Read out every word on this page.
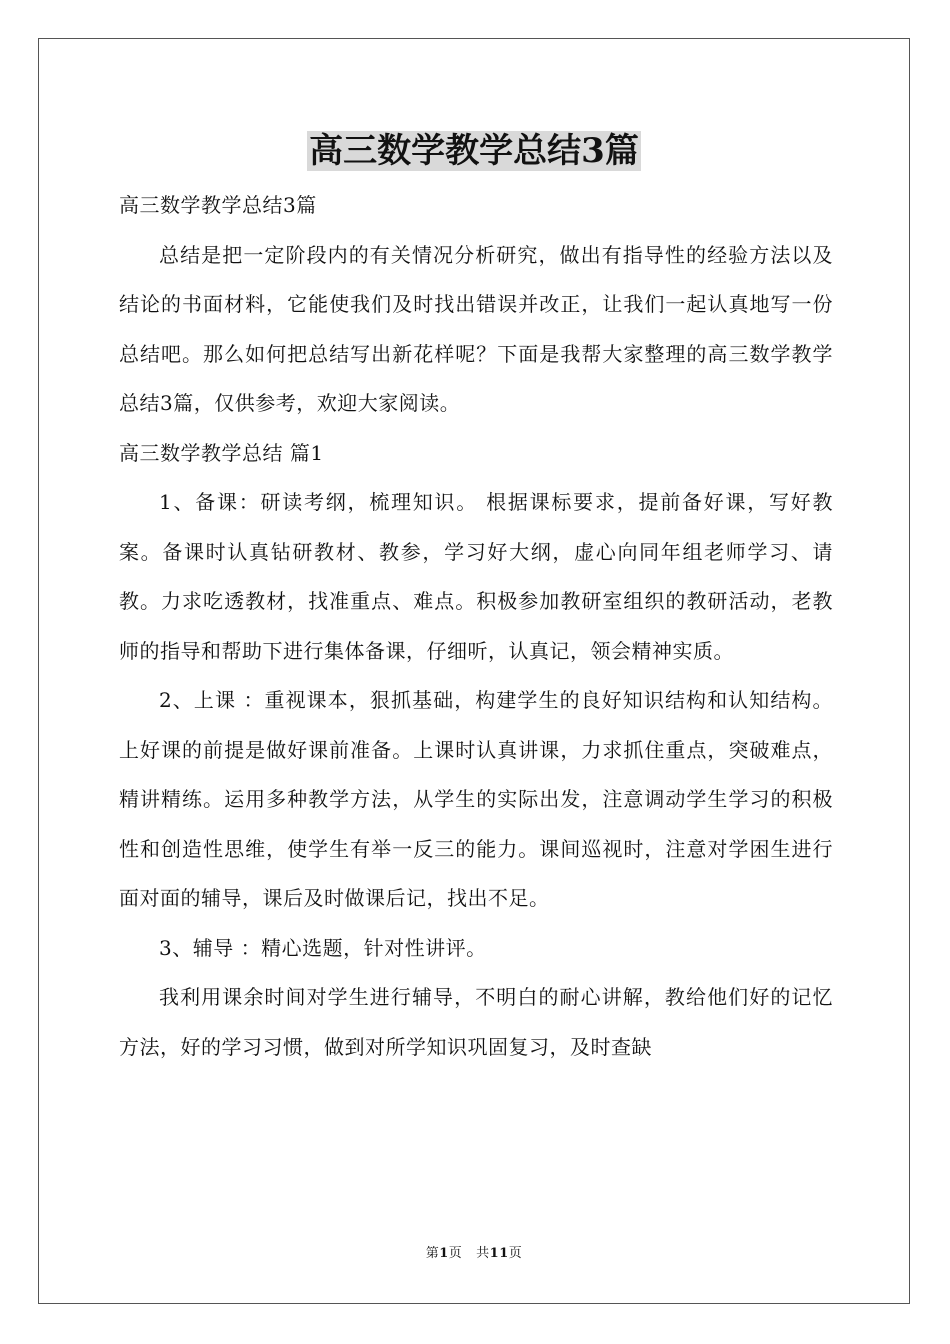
高三数学教学总结3篇

高三数学教学总结3篇

总结是把一定阶段内的有关情况分析研究，做出有指导性的经验方法以及结论的书面材料，它能使我们及时找出错误并改正，让我们一起认真地写一份总结吧。那么如何把总结写出新花样呢？下面是我帮大家整理的高三数学教学总结3篇，仅供参考，欢迎大家阅读。

高三数学教学总结 篇1

1、备课：研读考纲，梳理知识。 根据课标要求，提前备好课，写好教案。备课时认真钻研教材、教参，学习好大纲，虚心向同年组老师学习、请教。力求吃透教材，找准重点、难点。积极参加教研室组织的教研活动，老教师的指导和帮助下进行集体备课，仔细听，认真记，领会精神实质。

2、上课 ：重视课本，狠抓基础，构建学生的良好知识结构和认知结构。 上好课的前提是做好课前准备。上课时认真讲课，力求抓住重点，突破难点，精讲精练。运用多种教学方法，从学生的实际出发，注意调动学生学习的积极性和创造性思维，使学生有举一反三的能力。课间巡视时，注意对学困生进行面对面的辅导，课后及时做课后记，找出不足。

3、辅导 ：精心选题，针对性讲评。

我利用课余时间对学生进行辅导，不明白的耐心讲解，教给他们好的记忆方法，好的学习习惯，做到对所学知识巩固复习，及时查缺

第1页   共11页
